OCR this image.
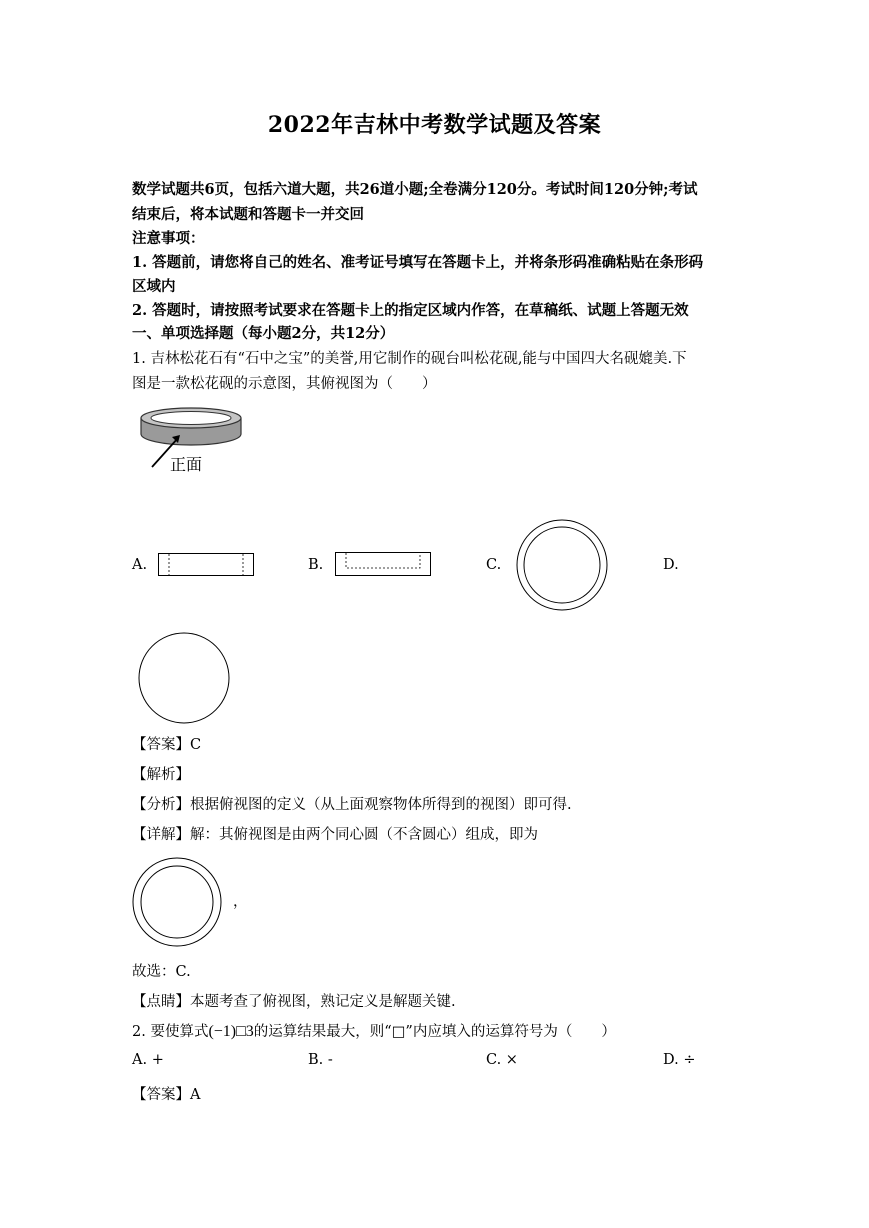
2022年吉林中考数学试题及答案
数学试题共6页，包括六道大题，共26道小题;全卷满分120分。考试时间120分钟;考试
结束后，将本试题和答题卡一并交回
注意事项：
1. 答题前，请您将自己的姓名、准考证号填写在答题卡上，并将条形码准确粘贴在条形码
区域内
2. 答题时，请按照考试要求在答题卡上的指定区域内作答，在草稿纸、试题上答题无效
一、单项选择题（每小题2分，共12分）
1. 吉林松花石有“石中之宝”的美誉,用它制作的砚台叫松花砚,能与中国四大名砚媲美.下
图是一款松花砚的示意图，其俯视图为（　　）
正面
A.	B.	C.	D.
【答案】C
【解析】
【分析】根据俯视图的定义（从上面观察物体所得到的视图）即可得.
【详解】解：其俯视图是由两个同心圆（不含圆心）组成，即为
，
故选：C.
【点睛】本题考查了俯视图，熟记定义是解题关键.
2. 要使算式(−1)□3的运算结果最大，则“□”内应填入的运算符号为（　　）
A. +	B. -	C. ×	D. ÷
【答案】A
